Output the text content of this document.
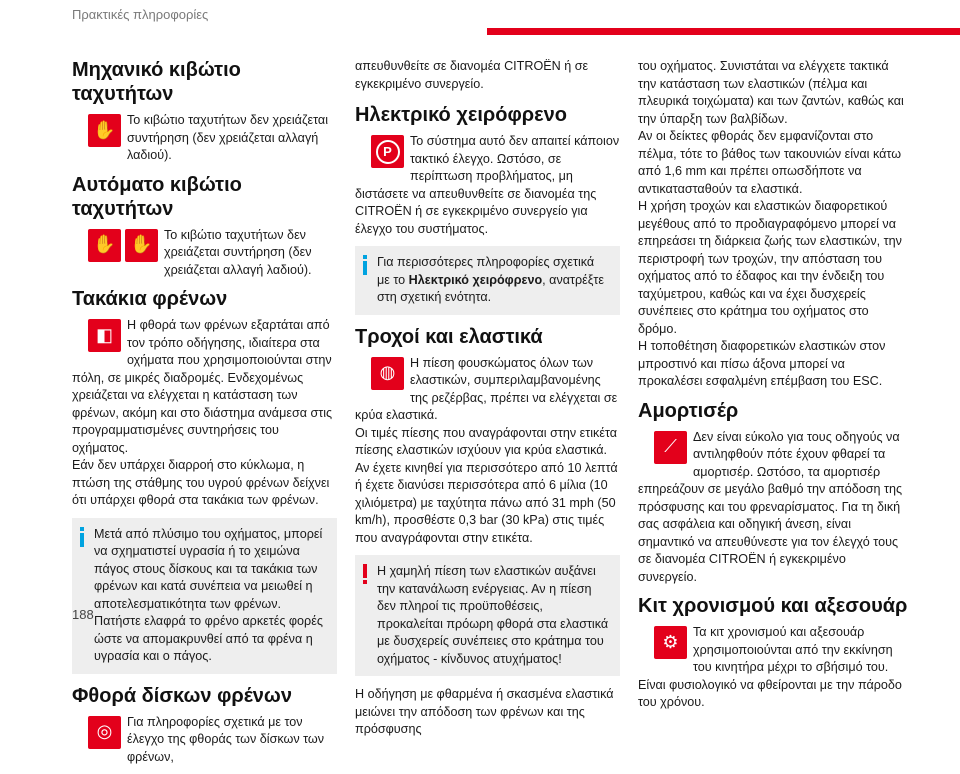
Πρακτικές πληροφορίες
Μηχανικό κιβώτιο ταχυτήτων
✋ Το κιβώτιο ταχυτήτων δεν χρειάζεται συντήρηση (δεν χρειάζεται αλλαγή λαδιού).

Αυτόματο κιβώτιο ταχυτήτων
✋ ✋ Το κιβώτιο ταχυτήτων δεν χρειάζεται συντήρηση (δεν χρειάζεται αλλαγή λαδιού).

Τακάκια φρένων
◧	Η φθορά των φρένων εξαρτάται από τον τρόπο οδήγησης, ιδιαίτερα στα οχήματα που χρησιμοποιούνται στην πόλη, σε μικρές διαδρομές. Ενδεχομένως χρειάζεται να ελέγχεται η κατάσταση των φρένων, ακόμη και στο διάστημα ανάμεσα στις προγραμματισμένες συντηρήσεις του οχήματος.
Εάν δεν υπάρχει διαρροή στο κύκλωμα, η πτώση της στάθμης του υγρού φρένων δείχνει ότι υπάρχει φθορά στα τακάκια των φρένων.

Μετά από πλύσιμο του οχήματος, μπορεί να σχηματιστεί υγρασία ή το χειμώνα πάγος στους δίσκους και τα τακάκια των φρένων και κατά συνέπεια να μειωθεί η αποτελεσματικότητα των φρένων. Πατήστε ελαφρά το φρένο αρκετές φορές ώστε να απομακρυνθεί από τα φρένα η υγρασία και ο πάγος.

Φθορά δίσκων φρένων
◎	Για πληροφορίες σχετικά με τον έλεγχο της φθοράς των δίσκων των φρένων,

απευθυνθείτε σε διανομέα CITROËN ή σε εγκεκριμένο συνεργείο.

Ηλεκτρικό χειρόφρενο
P

Το σύστημα αυτό δεν απαιτεί κάποιον τακτικό έλεγχο. Ωστόσο, σε περίπτωση προβλήματος, μη διστάσετε να απευθυνθείτε σε διανομέα της CITROËN ή σε εγκεκριμένο συνεργείο για έλεγχο του συστήματος.

Για περισσότερες πληροφορίες σχετικά με το Ηλεκτρικό χειρόφρενο, ανατρέξτε στη σχετική ενότητα.

Τροχοί και ελαστικά
◍	Η πίεση φουσκώματος όλων των ελαστικών, συμπεριλαμβανομένης της ρεζέρβας, πρέπει να ελέγχεται σε κρύα ελαστικά.
Οι τιμές πίεσης που αναγράφονται στην ετικέτα πίεσης ελαστικών ισχύουν για κρύα ελαστικά. Αν έχετε κινηθεί για περισσότερο από 10 λεπτά ή έχετε διανύσει περισσότερα από 6 μίλια (10 χιλιόμετρα) με ταχύτητα πάνω από 31 mph (50 km/h), προσθέστε 0,3 bar (30 kPa) στις τιμές που αναγράφονται στην ετικέτα.

Η χαμηλή πίεση των ελαστικών αυξάνει την κατανάλωση ενέργειας. Αν η πίεση δεν πληροί τις προϋποθέσεις, προκαλείται πρόωρη φθορά στα ελαστικά με δυσχερείς συνέπειες στο κράτημα του οχήματος - κίνδυνος ατυχήματος!

Η οδήγηση με φθαρμένα ή σκασμένα ελαστικά μειώνει την απόδοση των φρένων και της πρόσφυσης

του οχήματος. Συνιστάται να ελέγχετε τακτικά την κατάσταση των ελαστικών (πέλμα και πλευρικά τοιχώματα) και των ζαντών, καθώς και την ύπαρξη των βαλβίδων.
Αν οι δείκτες φθοράς δεν εμφανίζονται στο πέλμα, τότε το βάθος των τακουνιών είναι κάτω από 1,6 mm και πρέπει οπωσδήποτε να αντικατασταθούν τα ελαστικά.
Η χρήση τροχών και ελαστικών διαφορετικού μεγέθους από το προδιαγραφόμενο μπορεί να επηρεάσει τη διάρκεια ζωής των ελαστικών, την περιστροφή των τροχών, την απόσταση του οχήματος από το έδαφος και την ένδειξη του ταχύμετρου, καθώς και να έχει δυσχερείς συνέπειες στο κράτημα του οχήματος στο δρόμο.
Η τοποθέτηση διαφορετικών ελαστικών στον μπροστινό και πίσω άξονα μπορεί να προκαλέσει εσφαλμένη επέμβαση του ESC.

Αμορτισέρ
⟋	Δεν είναι εύκολο για τους οδηγούς να αντιληφθούν πότε έχουν φθαρεί τα αμορτισέρ. Ωστόσο, τα αμορτισέρ επηρεάζουν σε μεγάλο βαθμό την απόδοση της πρόσφυσης και του φρεναρίσματος. Για τη δική σας ασφάλεια και οδηγική άνεση, είναι σημαντικό να απευθύνεστε για τον έλεγχό τους σε διανομέα CITROËN ή εγκεκριμένο συνεργείο.

Κιτ χρονισμού και αξεσουάρ
⚙	Τα κιτ χρονισμού και αξεσουάρ χρησιμοποιούνται από την εκκίνηση του κινητήρα μέχρι το σβήσιμό του. Είναι φυσιολογικό να φθείρονται με την πάροδο του χρόνου.

188
